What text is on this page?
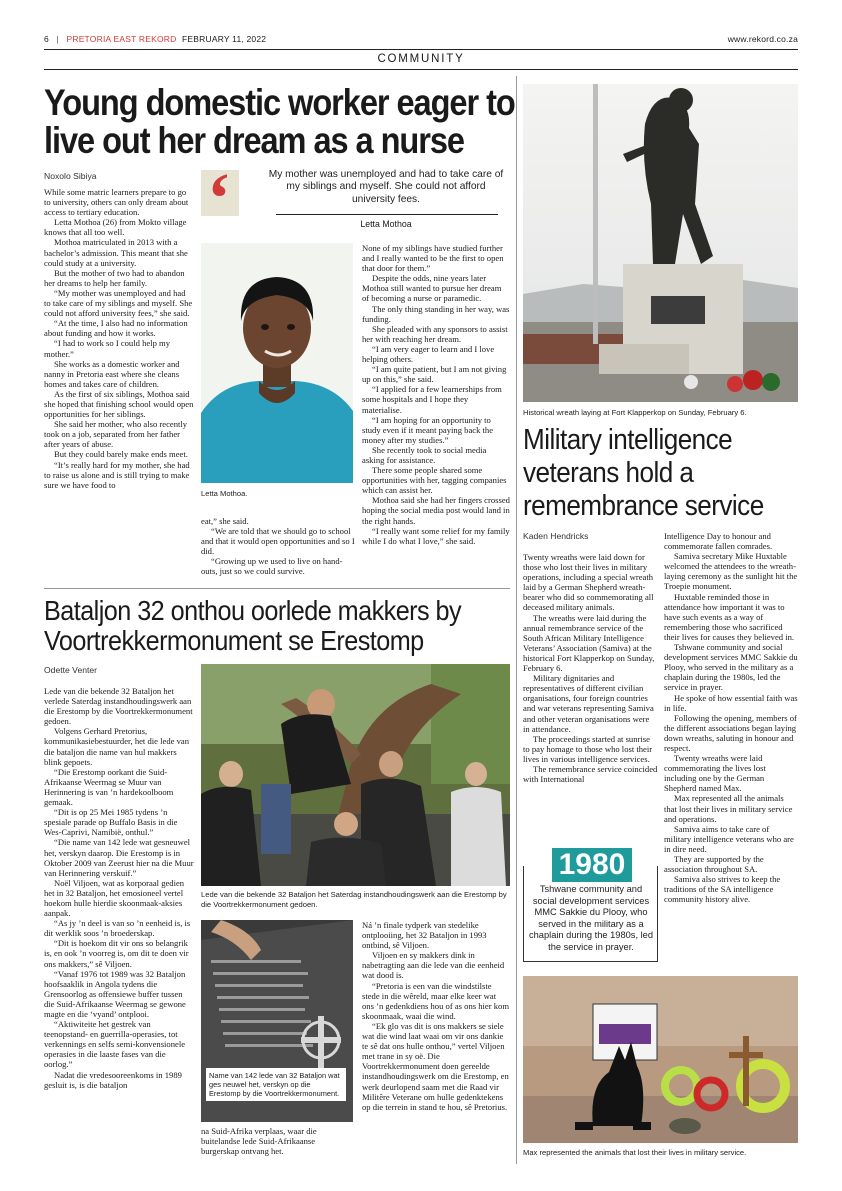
6 | PRETORIA EAST REKORD FEBRUARY 11, 2022	www.rekord.co.za
COMMUNITY
Young domestic worker eager to
live out her dream as a nurse
Noxolo Sibiya ‘	My mother was unemployed and had to take care of my siblings and myself. She could not afford university fees.
Letta Mothoa
Letta Mothoa.

While some matric learners prepare to go to university, others can only dream about access to tertiary education.

Letta Mothoa (26) from Mokto village knows that all too well.

Mothoa matriculated in 2013 with a bachelor’s admission. This meant that she could study at a university.

But the mother of two had to abandon her dreams to help her family.

“My mother was unemployed and had to take care of my siblings and myself. She could not afford university fees,” she said.

“At the time, I also had no information about funding and how it works.

“I had to work so I could help my mother.”

She works as a domestic worker and nanny in Pretoria east where she cleans homes and takes care of children.

As the first of six siblings, Mothoa said she hoped that finishing school would open opportunities for her siblings.

She said her mother, who also recently took on a job, separated from her father after years of abuse.

But they could barely make ends meet.

“It’s really hard for my mother, she had to raise us alone and is still trying to make sure we have food to

eat,” she said.

“We are told that we should go to school and that it would open opportunities and so I did.

“Growing up we used to live on hand-outs, just so we could survive.

None of my siblings have studied further and I really wanted to be the first to open that door for them.”

Despite the odds, nine years later Mothoa still wanted to pursue her dream of becoming a nurse or paramedic.

The only thing standing in her way, was funding.

She pleaded with any sponsors to assist her with reaching her dream.

“I am very eager to learn and I love helping others.

“I am quite patient, but I am not giving up on this,” she said.

“I applied for a few learnerships from some hospitals and I hope they materialise.

“I am hoping for an opportunity to study even if it meant paying back the money after my studies.”

She recently took to social media asking for assistance.

There some people shared some opportunities with her, tagging companies which can assist her.

Mothoa said she had her fingers crossed hoping the social media post would land in the right hands.

“I really want some relief for my family while I do what I love,” she said.

Bataljon 32 onthou oorlede makkers by
Voortrekkermonument se Erestomp
Odette Venter
Lede van die bekende 32 Bataljon het Saterdag instandhoudingswerk aan die Erestomp by die Voortrekkermonument gedoen.
Name van 142 lede van 32 Bataljon wat ges neuwel het, verskyn op die Erestomp by die Voortrekkermonument.

Lede van die bekende 32 Bataljon het verlede Saterdag instandhoudingswerk aan die Erestomp by die Voortrekkermonument gedoen.

Volgens Gerhard Pretorius, kommunikasiebestuurder, het die lede van die bataljon die name van hul makkers blink gepoets.

“Die Erestomp oorkant die Suid-Afrikaanse Weermag se Muur van Herinnering is van ’n hardekoolboom gemaak.

“Dit is op 25 Mei 1985 tydens ’n spesiale parade op Buffalo Basis in die Wes-Caprivi, Namibië, onthul.”

“Die name van 142 lede wat gesneuwel het, verskyn daarop. Die Erestomp is in Oktober 2009 van Zeerust hier na die Muur van Herinnering verskuif.”

Noël Viljoen, wat as korporaal gedien het in 32 Bataljon, het emosioneel vertel hoekom hulle hierdie skoonmaak-aksies aanpak.

“As jy ’n deel is van so ’n eenheid is, is dit werklik soos ’n broederskap.

“Dit is hoekom dit vir ons so belangrik is, en ook ’n voorreg is, om dit te doen vir ons makkers,” sê Viljoen.

“Vanaf 1976 tot 1989 was 32 Bataljon hoofsaaklik in Angola tydens die Grensoorlog as offensiewe buffer tussen die Suid-Afrikaanse Weermag se gewone magte en die ‘vyand’ ontplooi.

“Aktiwiteite het gestrek van teenopstand- en guerrilla-operasies, tot verkennings en selfs semi-konvensionele operasies in die laaste fases van die oorlog.”

Nadat die vredesooreenkoms in 1989 gesluit is, is die bataljon

na Suid-Afrika verplaas, waar die buitelandse lede Suid-Afrikaanse burgerskap ontvang het.

Ná ’n finale tydperk van stedelike ontplooiing, het 32 Bataljon in 1993 ontbind, sê Viljoen.

Viljoen en sy makkers dink in nabetragting aan die lede van die eenheid wat dood is.

“Pretoria is een van die windstilste stede in die wêreld, maar elke keer wat ons ’n gedenkdiens hou of as ons hier kom skoonmaak, waai die wind.

“Ek glo vas dit is ons makkers se siele wat die wind laat waai om vir ons dankie te sê dat ons hulle onthou,” vertel Viljoen met trane in sy oë. Die Voortrekkermonument doen gereelde instandhoudingswerk om die Erestomp, en werk deurlopend saam met die Raad vir Militêre Veterane om hulle gedenktekens op die terrein in stand te hou, sê Pretorius.

Historical wreath laying at Fort Klapperkop on Sunday, February 6.
Military intelligence
veterans hold a
remembrance service
Kaden Hendricks

Twenty wreaths were laid down for those who lost their lives in military operations, including a special wreath laid by a German Shepherd wreath-bearer who did so commemorating all deceased military animals.

The wreaths were laid during the annual remembrance service of the South African Military Intelligence Veterans’ Association (Samiva) at the historical Fort Klapperkop on Sunday, February 6.

Military dignitaries and representatives of different civilian organisations, four foreign countries and war veterans representing Samiva and other veteran organisations were in attendance.

The proceedings started at sunrise to pay homage to those who lost their lives in various intelligence services.

The remembrance service coincided with International

Intelligence Day to honour and commemorate fallen comrades.

Samiva secretary Mike Huxtable welcomed the attendees to the wreath-laying ceremony as the sunlight hit the Troepie monument.

Huxtable reminded those in attendance how important it was to have such events as a way of remembering those who sacrificed their lives for causes they believed in.

Tshwane community and social development services MMC Sakkie du Plooy, who served in the military as a chaplain during the 1980s, led the service in prayer.

He spoke of how essential faith was in life.

Following the opening, members of the different associations began laying down wreaths, saluting in honour and respect.

Twenty wreaths were laid commemorating the lives lost including one by the German Shepherd named Max.

Max represented all the animals that lost their lives in military service and operations.

Samiva aims to take care of military intelligence veterans who are in dire need.

They are supported by the association throughout SA.

Samiva also strives to keep the traditions of the SA intelligence community history alive.

1980
Tshwane community and social development services MMC Sakkie du Plooy, who served in the military as a chaplain during the 1980s, led the service in prayer.
Max represented the animals that lost their lives in military service.
